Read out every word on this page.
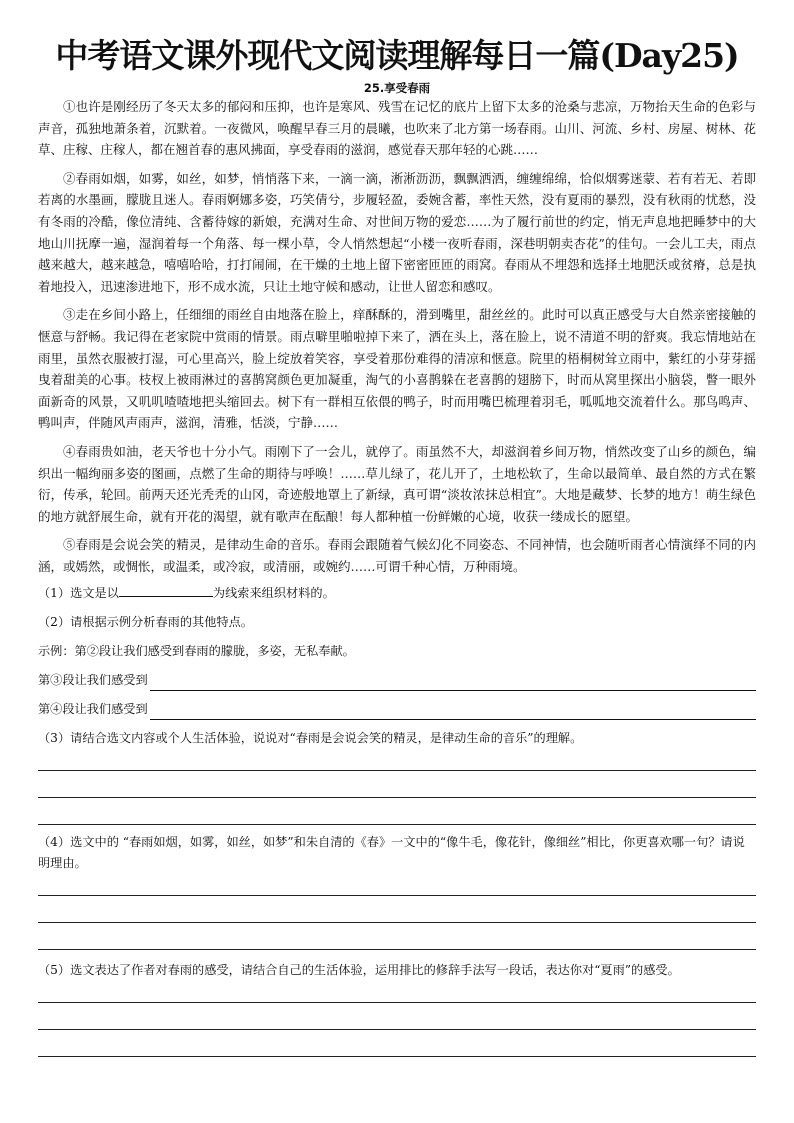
中考语文课外现代文阅读理解每日一篇(Day25)
25.享受春雨

①也许是刚经历了冬天太多的郁闷和压抑，也许是寒风、残雪在记忆的底片上留下太多的沧桑与悲凉，万物抬天生命的色彩与声音，孤独地萧条着，沉默着。一夜微风，唤醒早春三月的晨曦，也吹来了北方第一场春雨。山川、河流、乡村、房屋、树林、花草、庄稼、庄稼人，都在翘首春的惠风拂面，享受春雨的滋润，感觉春天那年轻的心跳……

②春雨如烟，如雾，如丝，如梦，悄悄落下来，一滴一滴，淅淅沥沥，飘飘洒洒，缠缠绵绵，恰似烟雾迷蒙、若有若无、若即若离的水墨画，朦胧且迷人。春雨婀娜多姿，巧笑倩兮，步履轻盈，委婉含蓄，率性天然，没有夏雨的暴烈，没有秋雨的忧愁，没有冬雨的冷酷，像位清纯、含蓄待嫁的新娘，充满对生命、对世间万物的爱恋……为了履行前世的约定，悄无声息地把睡梦中的大地山川抚摩一遍，湿润着每一个角落、每一棵小草，令人悄然想起“小楼一夜听春雨，深巷明朝卖杏花”的佳句。一会儿工夫，雨点越来越大，越来越急，嘻嘻哈哈，打打闹闹，在干燥的土地上留下密密匝匝的雨窝。春雨从不埋怨和选择土地肥沃或贫瘠，总是执着地投入，迅速渗进地下，形不成水流，只让土地守候和感动，让世人留恋和感叹。

③走在乡间小路上，任细细的雨丝自由地落在脸上，痒酥酥的，滑到嘴里，甜丝丝的。此时可以真正感受与大自然亲密接触的惬意与舒畅。我记得在老家院中赏雨的情景。雨点噼里啪啦掉下来了，洒在头上，落在脸上，说不清道不明的舒爽。我忘情地站在雨里，虽然衣服被打湿，可心里高兴，脸上绽放着笑容，享受着那份难得的清凉和惬意。院里的梧桐树耸立雨中，紫红的小芽芽摇曳着甜美的心事。枝杈上被雨淋过的喜鹊窝颜色更加凝重，淘气的小喜鹊躲在老喜鹊的翅膀下，时而从窝里探出小脑袋，瞥一眼外面新奇的风景，又叽叽喳喳地把头缩回去。树下有一群相互依偎的鸭子，时而用嘴巴梳理着羽毛，呱呱地交流着什么。那鸟鸣声、鸭叫声，伴随风声雨声，滋润，清雅，恬淡，宁静……

④春雨贵如油，老天爷也十分小气。雨刚下了一会儿，就停了。雨虽然不大，却滋润着乡间万物，悄然改变了山乡的颜色，编织出一幅绚丽多姿的图画，点燃了生命的期待与呼唤！……草儿绿了，花儿开了，土地松软了，生命以最简单、最自然的方式在繁衍，传承，轮回。前两天还光秃秃的山冈，奇迹般地罩上了新绿，真可谓“淡妆浓抹总相宜”。大地是藏梦、长梦的地方！萌生绿色的地方就舒展生命，就有开花的渴望，就有歌声在酝酿！每人都种植一份鲜嫩的心境，收获一缕成长的愿望。

⑤春雨是会说会笑的精灵，是律动生命的音乐。春雨会跟随着气候幻化不同姿态、不同神情，也会随听雨者心情演绎不同的内涵，或嫣然，或惆怅，或温柔，或冷寂，或清丽，或婉约……可谓千种心情，万种雨境。

（1）选文是以	为线索来组织材料的。
（2）请根据示例分析春雨的其他特点。
示例：第②段让我们感受到春雨的朦胧，多姿，无私奉献。
第③段让我们感受到
第④段让我们感受到
（3）请结合选文内容或个人生活体验，说说对“春雨是会说会笑的精灵，是律动生命的音乐”的理解。
（4）选文中的 “春雨如烟，如雾，如丝，如梦”和朱自清的《春》一文中的“像牛毛，像花针，像细丝”相比，你更喜欢哪一句？请说明理由。
（5）选文表达了作者对春雨的感受，请结合自己的生活体验，运用排比的修辞手法写一段话，表达你对“夏雨”的感受。
